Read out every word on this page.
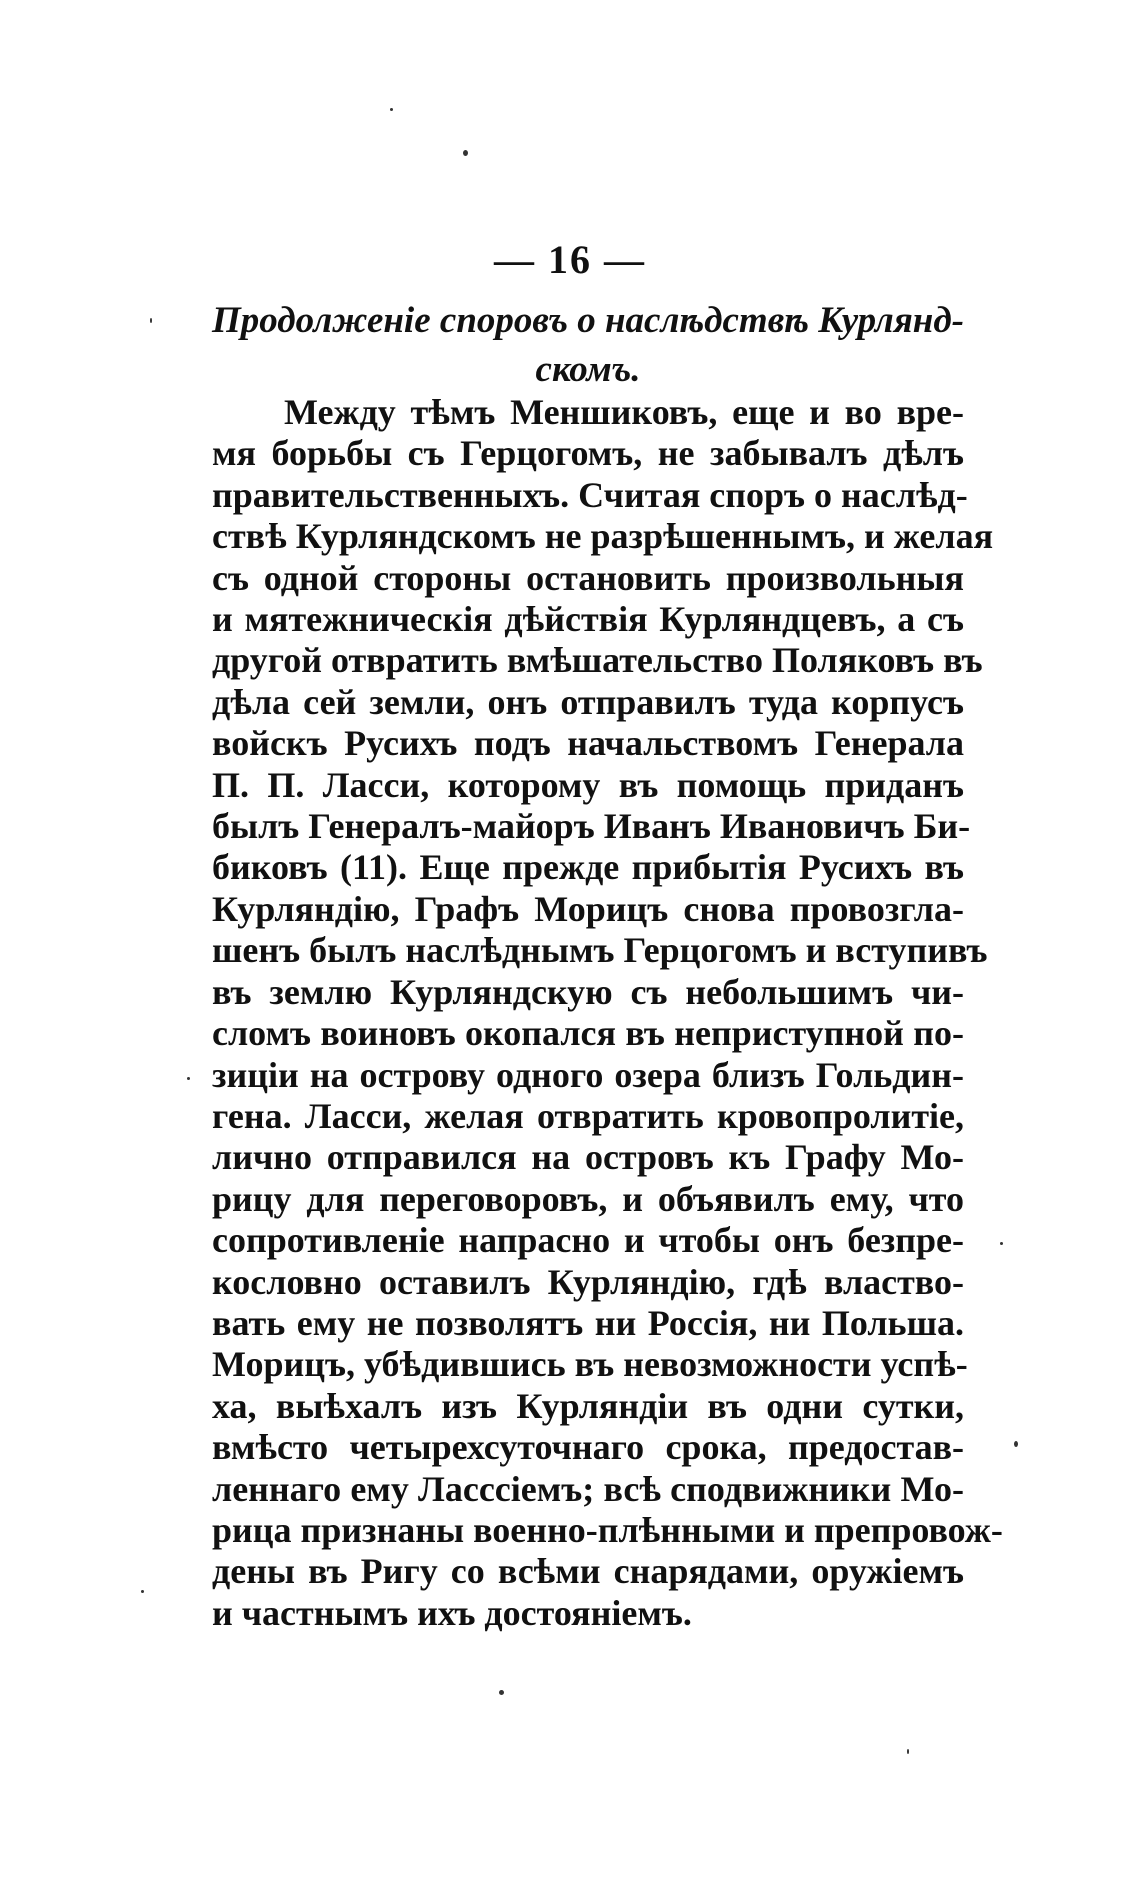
— 16 —
Продолженіе споровъ о наслѣдствѣ Курлянд-
скомъ.
Между тѣмъ Меншиковъ, еще и во вре-
мя борьбы съ Герцогомъ, не забывалъ дѣлъ
правительственныхъ. Считая споръ о наслѣд-
ствѣ Курляндскомъ не разрѣшеннымъ, и желая
съ одной стороны остановить произвольныя
и мятежническія дѣйствія Курляндцевъ, а съ
другой отвратить вмѣшательство Поляковъ въ
дѣла сей земли, онъ отправилъ туда корпусъ
войскъ Русихъ подъ начальствомъ Генерала
П. П. Ласси, которому въ помощь приданъ
былъ Генералъ-майоръ Иванъ Ивановичъ Би-
биковъ (11). Еще прежде прибытія Русихъ въ
Курляндію, Графъ Морицъ снова провозгла-
шенъ былъ наслѣднымъ Герцогомъ и вступивъ
въ землю Курляндскую съ небольшимъ чи-
сломъ воиновъ окопался въ неприступной по-
зиціи на острову одного озера близъ Гольдин-
гена. Ласси, желая отвратить кровопролитіе,
лично отправился на островъ къ Графу Мо-
рицу для переговоровъ, и объявилъ ему, что
сопротивленіе напрасно и чтобы онъ безпре-
кословно оставилъ Курляндію, гдѣ властво-
вать ему не позволятъ ни Россія, ни Польша.
Морицъ, убѣдившись въ невозможности успѣ-
ха, выѣхалъ изъ Курляндіи въ одни сутки,
вмѣсто четырехсуточнаго срока, предостав-
леннаго ему Ласссіемъ; всѣ сподвижники Мо-
рица признаны военно-плѣнными и препровож-
дены въ Ригу со всѣми снарядами, оружіемъ
и частнымъ ихъ достояніемъ.
